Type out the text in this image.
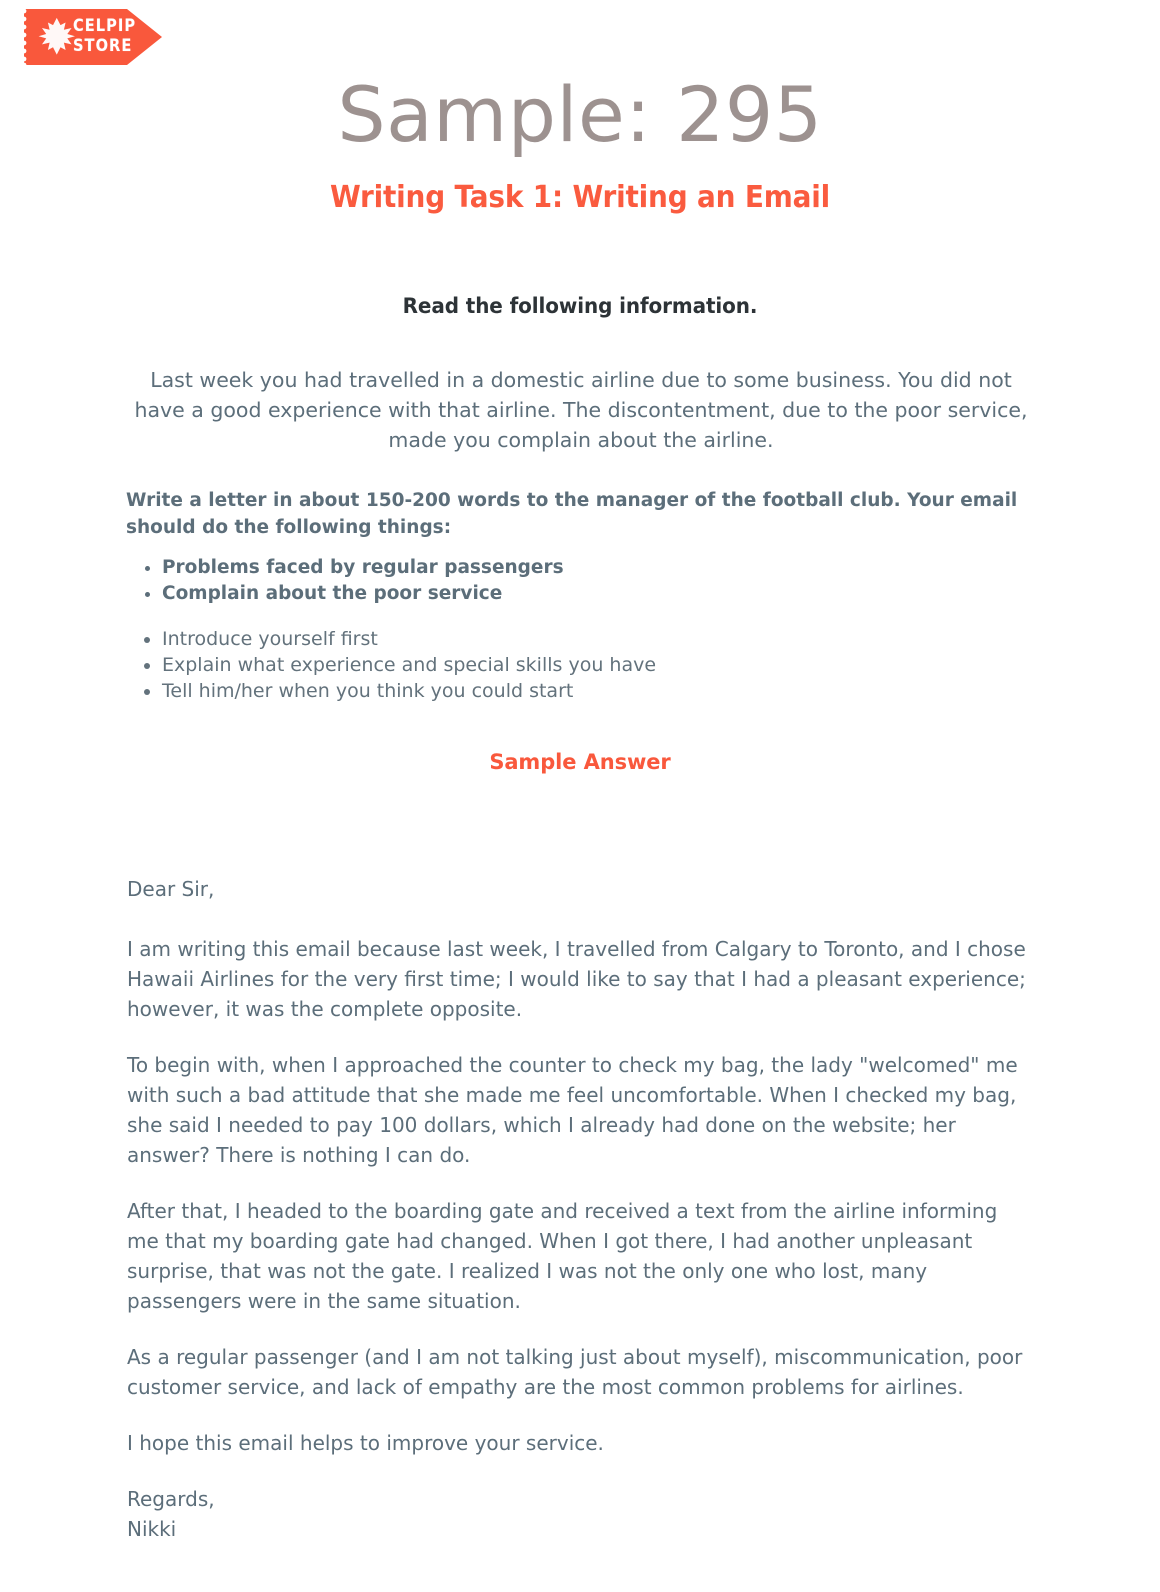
CELPIP
STORE
Sample: 295
Writing Task 1: Writing an Email
Read the following information.

Last week you had travelled in a domestic airline due to some business. You did not have a good experience with that airline. The discontentment, due to the poor service, made you complain about the airline.

Write a letter in about 150-200 words to the manager of the football club. Your email should do the following things:

• Problems faced by regular passengers
• Complain about the poor service
• Introduce yourself first
• Explain what experience and special skills you have
• Tell him/her when you think you could start
Sample Answer

Dear Sir,

I am writing this email because last week, I travelled from Calgary to Toronto, and I chose Hawaii Airlines for the very first time; I would like to say that I had a pleasant experience; however, it was the complete opposite.

To begin with, when I approached the counter to check my bag, the lady "welcomed" me with such a bad attitude that she made me feel uncomfortable. When I checked my bag, she said I needed to pay 100 dollars, which I already had done on the website; her answer? There is nothing I can do.

After that, I headed to the boarding gate and received a text from the airline informing me that my boarding gate had changed. When I got there, I had another unpleasant surprise, that was not the gate. I realized I was not the only one who lost, many passengers were in the same situation.

As a regular passenger (and I am not talking just about myself), miscommunication, poor customer service, and lack of empathy are the most common problems for airlines.

I hope this email helps to improve your service.

Regards,
Nikki
